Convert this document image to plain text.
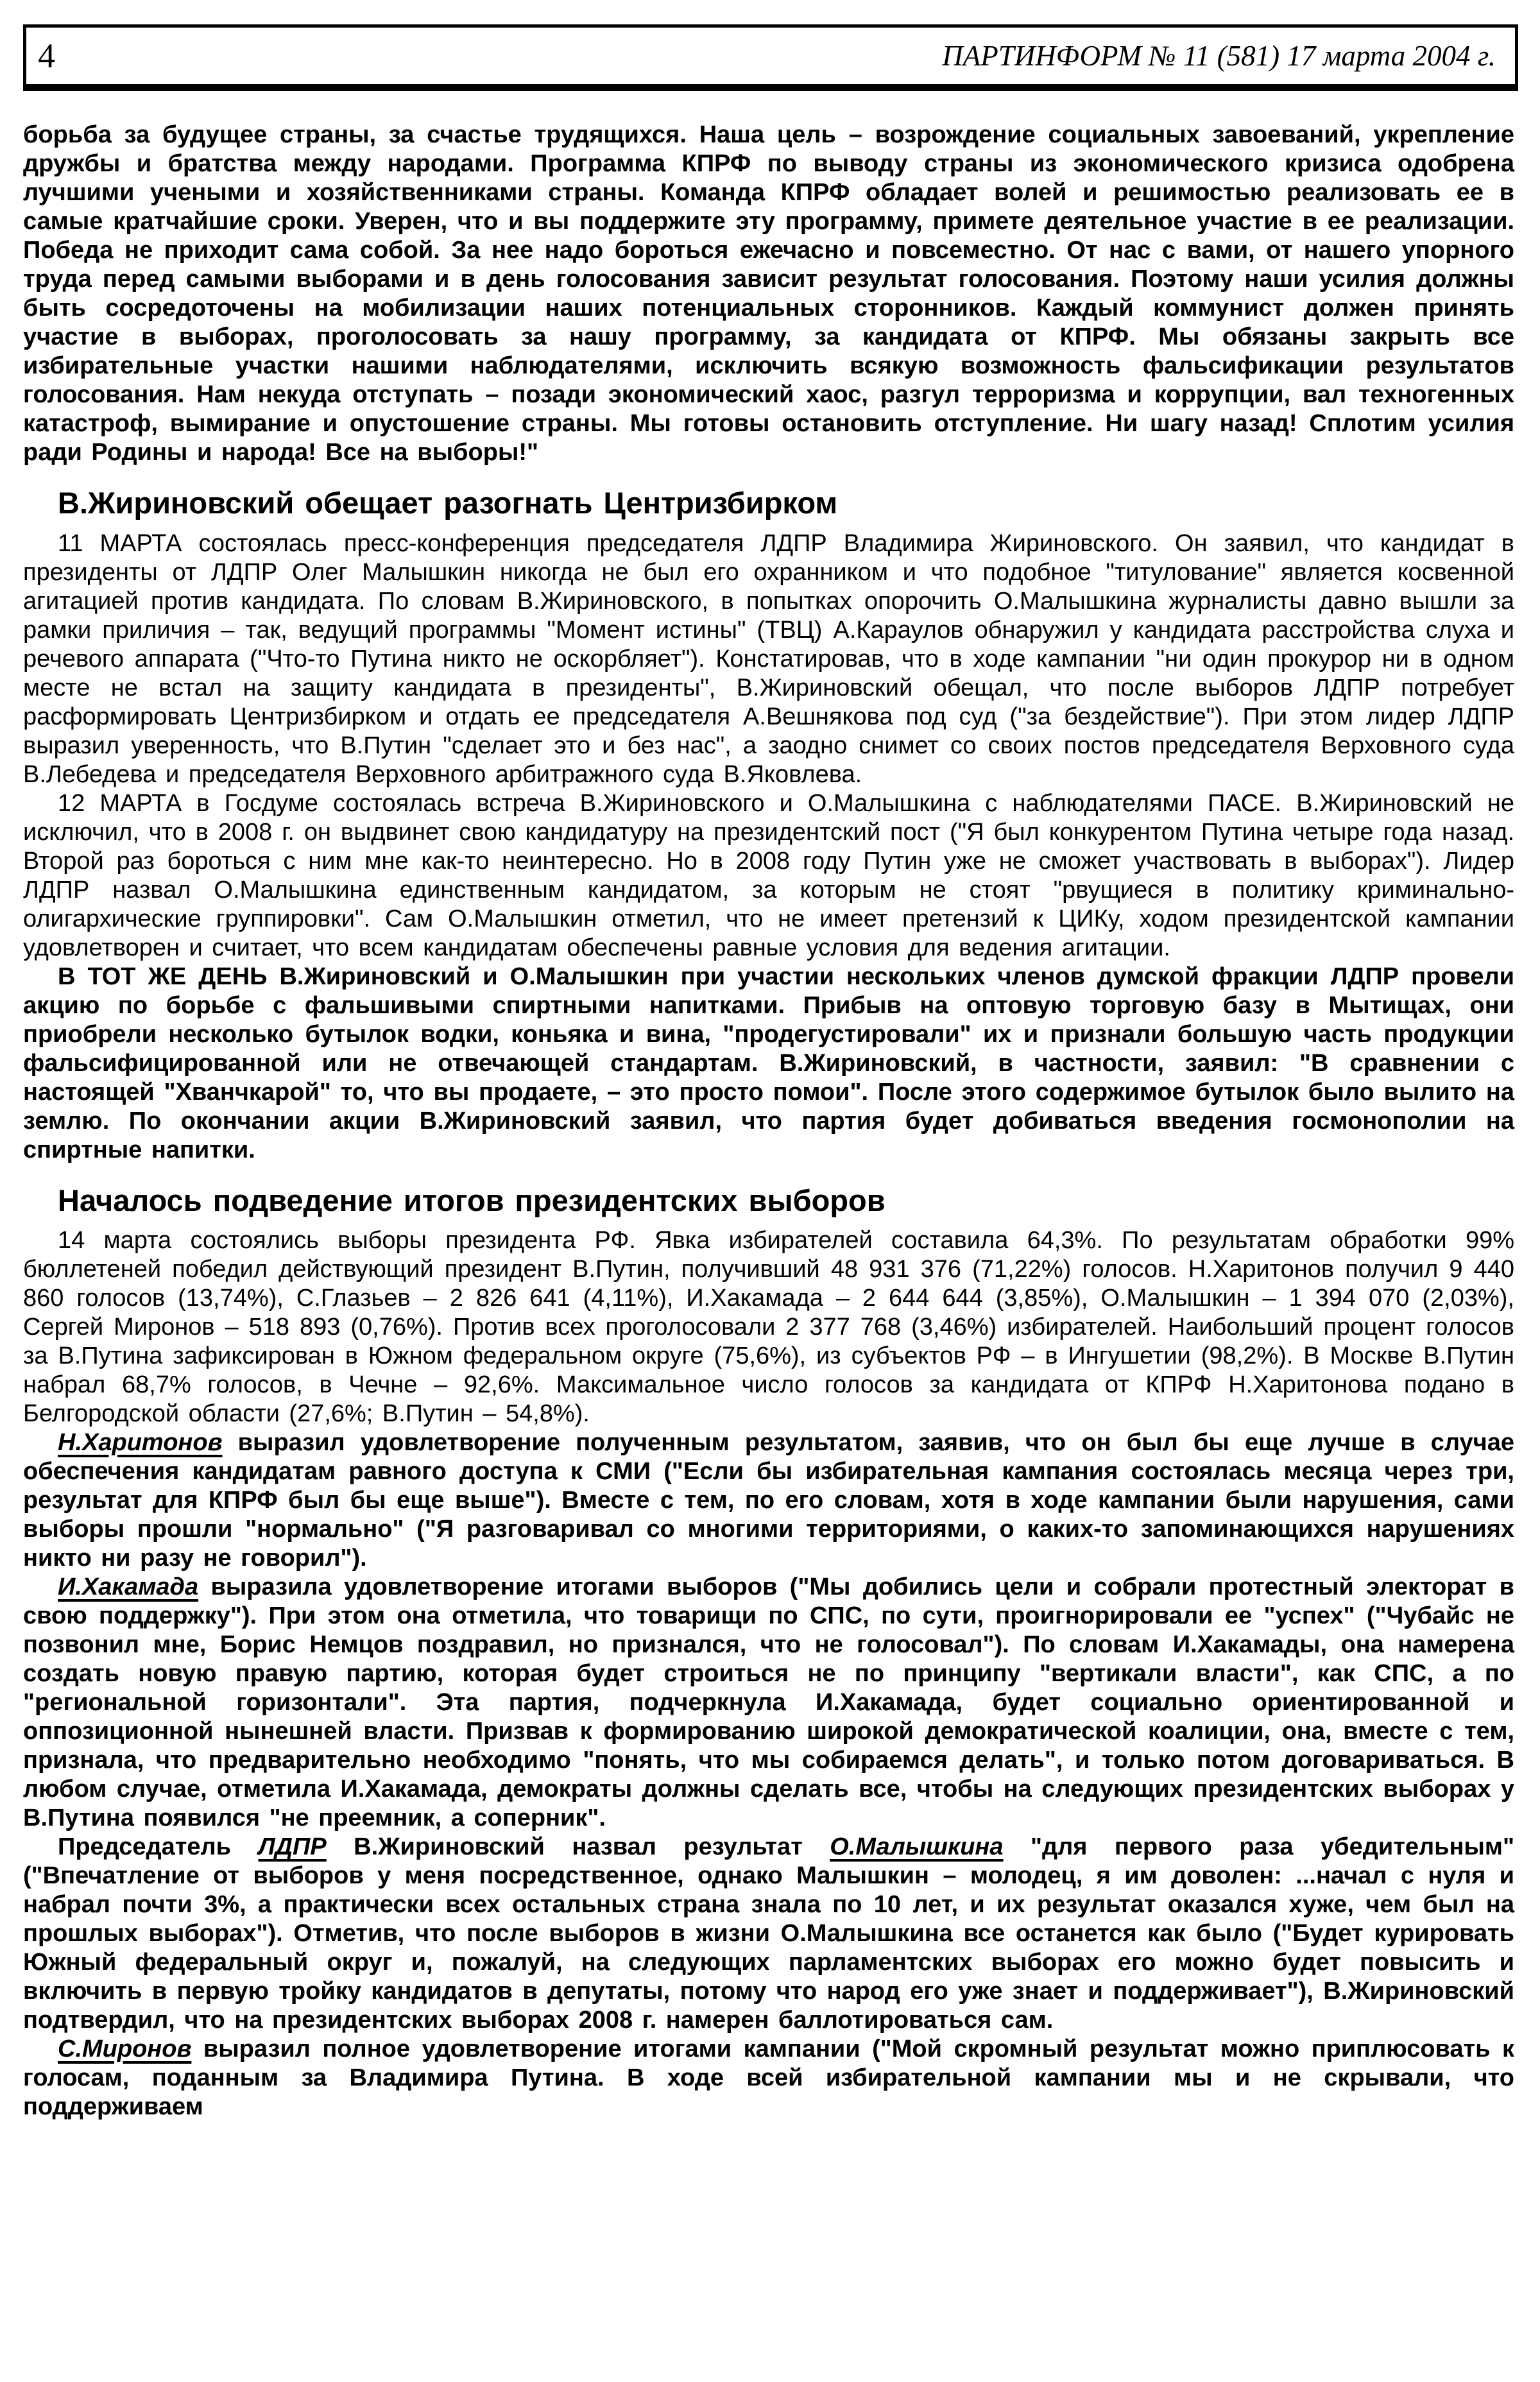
4	ПАРТИНФОРМ № 11 (581) 17 марта 2004 г.

борьба за будущее страны, за счастье трудящихся. Наша цель – возрождение социальных завоеваний, укрепление дружбы и братства между народами. Программа КПРФ по выводу страны из экономического кризиса одобрена лучшими учеными и хозяйственниками страны. Команда КПРФ обладает волей и решимостью реализовать ее в самые кратчайшие сроки. Уверен, что и вы поддержите эту программу, примете деятельное участие в ее реализации. Победа не приходит сама собой. За нее надо бороться ежечасно и повсеместно. От нас с вами, от нашего упорного труда перед самыми выборами и в день голосования зависит результат голосования. Поэтому наши усилия должны быть сосредоточены на мобилизации наших потенциальных сторонников. Каждый коммунист должен принять участие в выборах, проголосовать за нашу программу, за кандидата от КПРФ. Мы обязаны закрыть все избирательные участки нашими наблюдателями, исключить всякую возможность фальсификации результатов голосования. Нам некуда отступать – позади экономический хаос, разгул терроризма и коррупции, вал техногенных катастроф, вымирание и опустошение страны. Мы готовы остановить отступление. Ни шагу назад! Сплотим усилия ради Родины и народа! Все на выборы!"

В.Жириновский обещает разогнать Центризбирком

11 МАРТА состоялась пресс-конференция председателя ЛДПР Владимира Жириновского. Он заявил, что кандидат в президенты от ЛДПР Олег Малышкин никогда не был его охранником и что подобное "титулование" является косвенной агитацией против кандидата. По словам В.Жириновского, в попытках опорочить О.Малышкина журналисты давно вышли за рамки приличия – так, ведущий программы "Момент истины" (ТВЦ) А.Караулов обнаружил у кандидата расстройства слуха и речевого аппарата ("Что-то Путина никто не оскорбляет"). Констатировав, что в ходе кампании "ни один прокурор ни в одном месте не встал на защиту кандидата в президенты", В.Жириновский обещал, что после выборов ЛДПР потребует расформировать Центризбирком и отдать ее председателя А.Вешнякова под суд ("за бездействие"). При этом лидер ЛДПР выразил уверенность, что В.Путин "сделает это и без нас", а заодно снимет со своих постов председателя Верховного суда В.Лебедева и председателя Верховного арбитражного суда В.Яковлева.

12 МАРТА в Госдуме состоялась встреча В.Жириновского и О.Малышкина с наблюдателями ПАСЕ. В.Жириновский не исключил, что в 2008 г. он выдвинет свою кандидатуру на президентский пост ("Я был конкурентом Путина четыре года назад. Второй раз бороться с ним мне как-то неинтересно. Но в 2008 году Путин уже не сможет участвовать в выборах"). Лидер ЛДПР назвал О.Малышкина единственным кандидатом, за которым не стоят "рвущиеся в политику криминально-олигархические группировки". Сам О.Малышкин отметил, что не имеет претензий к ЦИКу, ходом президентской кампании удовлетворен и считает, что всем кандидатам обеспечены равные условия для ведения агитации.

В ТОТ ЖЕ ДЕНЬ В.Жириновский и О.Малышкин при участии нескольких членов думской фракции ЛДПР провели акцию по борьбе с фальшивыми спиртными напитками. Прибыв на оптовую торговую базу в Мытищах, они приобрели несколько бутылок водки, коньяка и вина, "продегустировали" их и признали большую часть продукции фальсифицированной или не отвечающей стандартам. В.Жириновский, в частности, заявил: "В сравнении с настоящей "Хванчкарой" то, что вы продаете, – это просто помои". После этого содержимое бутылок было вылито на землю. По окончании акции В.Жириновский заявил, что партия будет добиваться введения госмонополии на спиртные напитки.

Началось подведение итогов президентских выборов

14 марта состоялись выборы президента РФ. Явка избирателей составила 64,3%. По результатам обработки 99% бюллетеней победил действующий президент В.Путин, получивший 48 931 376 (71,22%) голосов. Н.Харитонов получил 9 440 860 голосов (13,74%), С.Глазьев – 2 826 641 (4,11%), И.Хакамада – 2 644 644 (3,85%), О.Малышкин – 1 394 070 (2,03%), Сергей Миронов – 518 893 (0,76%). Против всех проголосовали 2 377 768 (3,46%) избирателей. Наибольший процент голосов за В.Путина зафиксирован в Южном федеральном округе (75,6%), из субъектов РФ – в Ингушетии (98,2%). В Москве В.Путин набрал 68,7% голосов, в Чечне – 92,6%. Максимальное число голосов за кандидата от КПРФ Н.Харитонова подано в Белгородской области (27,6%; В.Путин – 54,8%).

Н.Харитонов выразил удовлетворение полученным результатом, заявив, что он был бы еще лучше в случае обеспечения кандидатам равного доступа к СМИ ("Если бы избирательная кампания состоялась месяца через три, результат для КПРФ был бы еще выше"). Вместе с тем, по его словам, хотя в ходе кампании были нарушения, сами выборы прошли "нормально" ("Я разговаривал со многими территориями, о каких-то запоминающихся нарушениях никто ни разу не говорил").

И.Хакамада выразила удовлетворение итогами выборов ("Мы добились цели и собрали протестный электорат в свою поддержку"). При этом она отметила, что товарищи по СПС, по сути, проигнорировали ее "успех" ("Чубайс не позвонил мне, Борис Немцов поздравил, но признался, что не голосовал"). По словам И.Хакамады, она намерена создать новую правую партию, которая будет строиться не по принципу "вертикали власти", как СПС, а по "региональной горизонтали". Эта партия, подчеркнула И.Хакамада, будет социально ориентированной и оппозиционной нынешней власти. Призвав к формированию широкой демократической коалиции, она, вместе с тем, признала, что предварительно необходимо "понять, что мы собираемся делать", и только потом договариваться. В любом случае, отметила И.Хакамада, демократы должны сделать все, чтобы на следующих президентских выборах у В.Путина появился "не преемник, а соперник".

Председатель ЛДПР В.Жириновский назвал результат О.Малышкина "для первого раза убедительным" ("Впечатление от выборов у меня посредственное, однако Малышкин – молодец, я им доволен: ...начал с нуля и набрал почти 3%, а практически всех остальных страна знала по 10 лет, и их результат оказался хуже, чем был на прошлых выборах"). Отметив, что после выборов в жизни О.Малышкина все останется как было ("Будет курировать Южный федеральный округ и, пожалуй, на следующих парламентских выборах его можно будет повысить и включить в первую тройку кандидатов в депутаты, потому что народ его уже знает и поддерживает"), В.Жириновский подтвердил, что на президентских выборах 2008 г. намерен баллотироваться сам.

С.Миронов выразил полное удовлетворение итогами кампании ("Мой скромный результат можно приплюсовать к голосам, поданным за Владимира Путина. В ходе всей избирательной кампании мы и не скрывали, что поддерживаем
